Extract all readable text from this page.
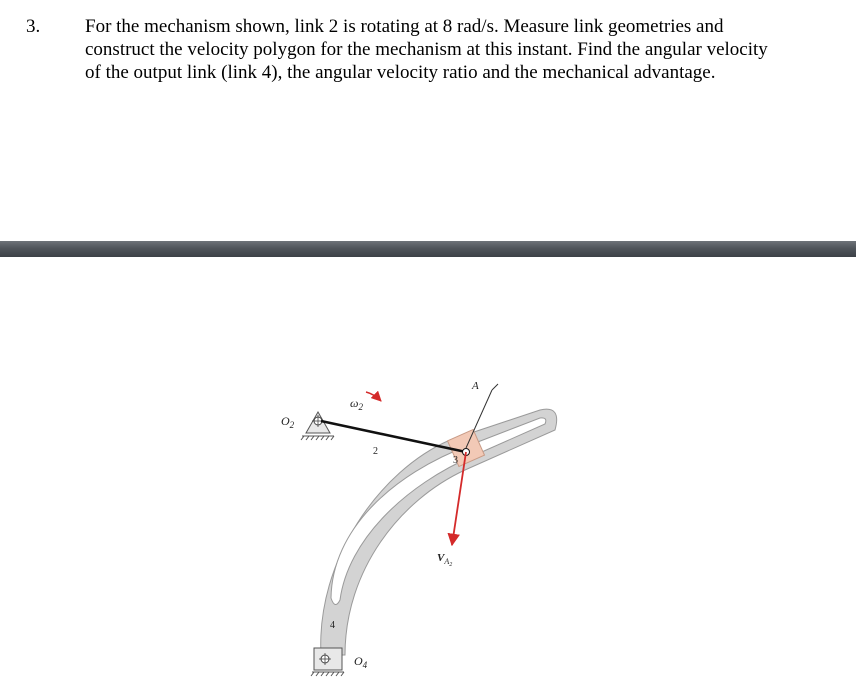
3. For the mechanism shown, link 2 is rotating at 8 rad/s. Measure link geometries and
construct the velocity polygon for the mechanism at this instant. Find the angular velocity
of the output link (link 4), the angular velocity ratio and the mechanical advantage.
$O_2$
$\omega_2$
2
3
4
A
$V_A2$
$O_4$
